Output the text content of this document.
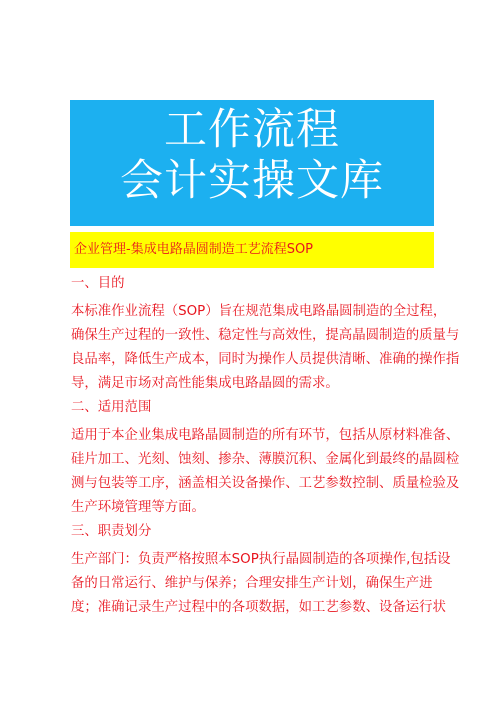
工作流程
会计实操文库
企业管理-集成电路晶圆制造工艺流程SOP
一、目的
本标准作业流程（SOP）旨在规范集成电路晶圆制造的全过程，
确保生产过程的一致性、稳定性与高效性，提高晶圆制造的质量与
良品率，降低生产成本，同时为操作人员提供清晰、准确的操作指
导，满足市场对高性能集成电路晶圆的需求。
二、适用范围
适用于本企业集成电路晶圆制造的所有环节，包括从原材料准备、
硅片加工、光刻、蚀刻、掺杂、薄膜沉积、金属化到最终的晶圆检
测与包装等工序，涵盖相关设备操作、工艺参数控制、质量检验及
生产环境管理等方面。
三、职责划分
生产部门：负责严格按照本SOP执行晶圆制造的各项操作,包括设
备的日常运行、维护与保养；合理安排生产计划，确保生产进
度；准确记录生产过程中的各项数据，如工艺参数、设备运行状
